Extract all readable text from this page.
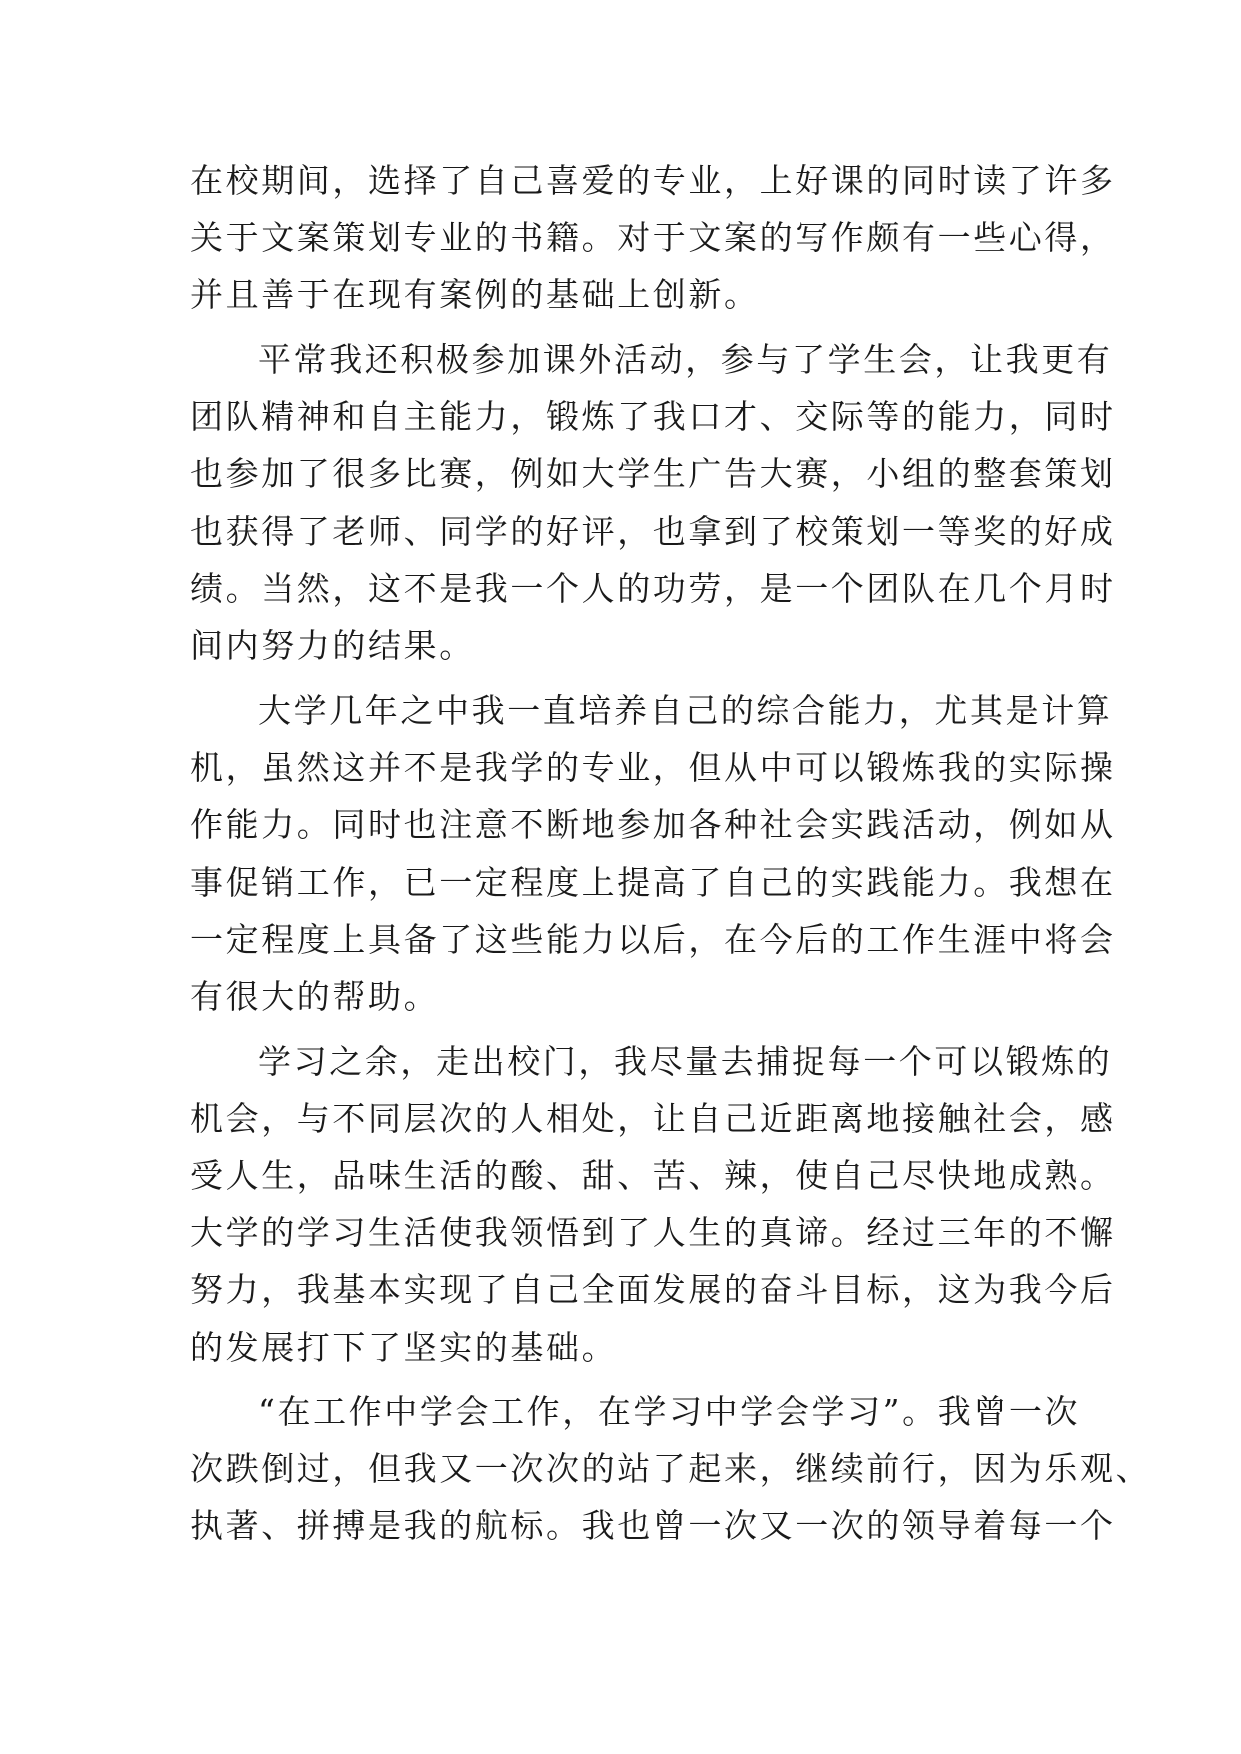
在校期间，选择了自己喜爱的专业，上好课的同时读了许多
关于文案策划专业的书籍。对于文案的写作颇有一些心得，
并且善于在现有案例的基础上创新。
平常我还积极参加课外活动，参与了学生会，让我更有
团队精神和自主能力，锻炼了我口才、交际等的能力，同时
也参加了很多比赛，例如大学生广告大赛，小组的整套策划
也获得了老师、同学的好评，也拿到了校策划一等奖的好成
绩。当然，这不是我一个人的功劳，是一个团队在几个月时
间内努力的结果。
大学几年之中我一直培养自己的综合能力，尤其是计算
机，虽然这并不是我学的专业，但从中可以锻炼我的实际操
作能力。同时也注意不断地参加各种社会实践活动，例如从
事促销工作，已一定程度上提高了自己的实践能力。我想在
一定程度上具备了这些能力以后，在今后的工作生涯中将会
有很大的帮助。
学习之余，走出校门，我尽量去捕捉每一个可以锻炼的
机会，与不同层次的人相处，让自己近距离地接触社会，感
受人生，品味生活的酸、甜、苦、辣，使自己尽快地成熟。
大学的学习生活使我领悟到了人生的真谛。经过三年的不懈
努力，我基本实现了自己全面发展的奋斗目标，这为我今后
的发展打下了坚实的基础。
“在工作中学会工作，在学习中学会学习”。我曾一次
次跌倒过，但我又一次次的站了起来，继续前行，因为乐观、
执著、拼搏是我的航标。我也曾一次又一次的领导着每一个
